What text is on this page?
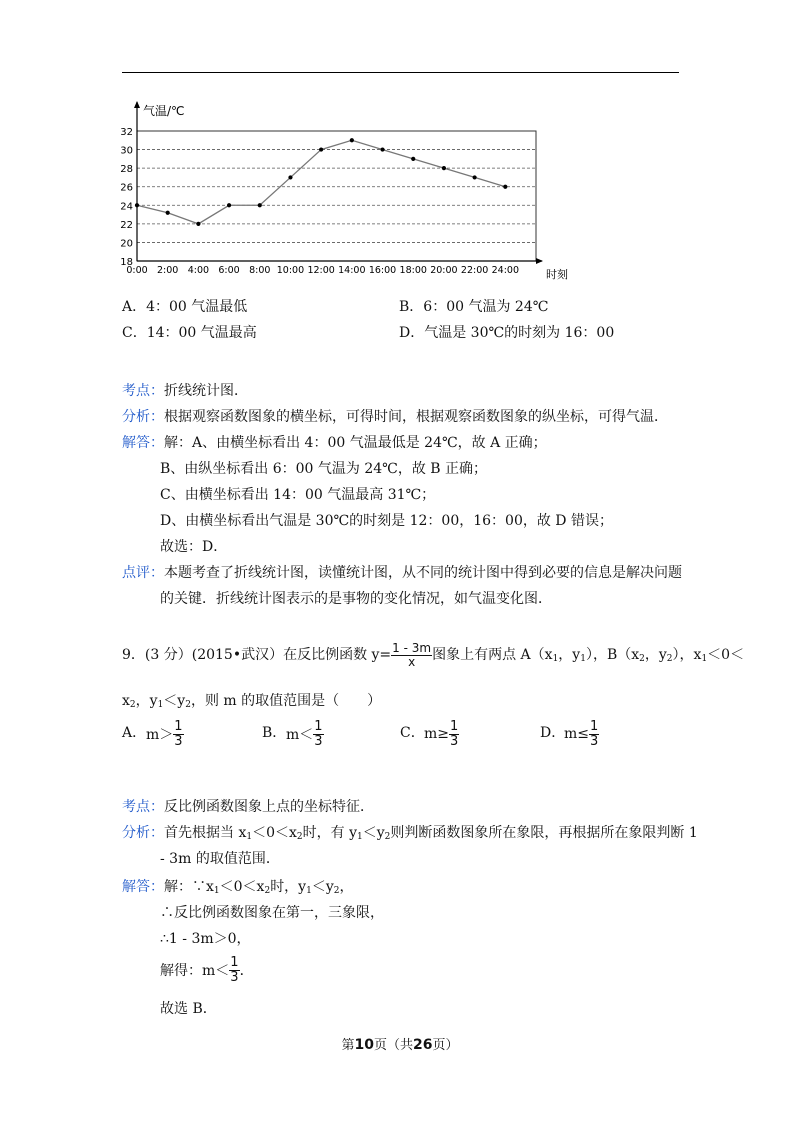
18
20
22
24
26
28
30
32
0:00 2:00 4:00 6:00 8:00 10:00 12:00 14:00 16:00 18:00 20:00 22:00 24:00
气温/℃
时刻
A．4：00 气温最低	B．6：00 气温为 24℃
C．14：00 气温最高	D．气温是 30℃的时刻为 16：00
考点：折线统计图．
分析：根据观察函数图象的横坐标，可得时间，根据观察函数图象的纵坐标，可得气温．
解答：解：A、由横坐标看出 4：00 气温最低是 24℃，故 A 正确；
B、由纵坐标看出 6：00 气温为 24℃，故 B 正确；
C、由横坐标看出 14：00 气温最高 31℃；
D、由横坐标看出气温是 30℃的时刻是 12：00，16：00，故 D 错误；
故选：D．
点评：本题考查了折线统计图，读懂统计图，从不同的统计图中得到必要的信息是解决问题
的关键．折线统计图表示的是事物的变化情况，如气温变化图．
9．(3 分）(2015•武汉）在反比例函数 $y= \frac{1 - 3m}{x}$ 图象上有两点 $A(x_1$，$y_1$），$B(x_2$，$y_2$），$x_1<0<$
$x_2$，$y_1<y_2$，则 m 的取值范围是（　　）
A． $m> \frac{1}{3}$	B． $m< \frac{1}{3}$	C． $m\ge \frac{1}{3}$	D．
$m\le \frac{1}{3}$
考点：反比例函数图象上点的坐标特征．
分析：首先根据当 $x_1<0<x_2$时，有 $y_1<y_2$则判断函数图象所在象限，再根据所在象限判断 1
- 3m 的取值范围．
解答：解：$\because x_1<0<x_2$时，$y_1<y_2$，
∴反比例函数图象在第一，三象限，
∴1 - 3m＞0，
解得：$m< \frac{1}{3}$ ．
故选 B．
第10页（共26页）
